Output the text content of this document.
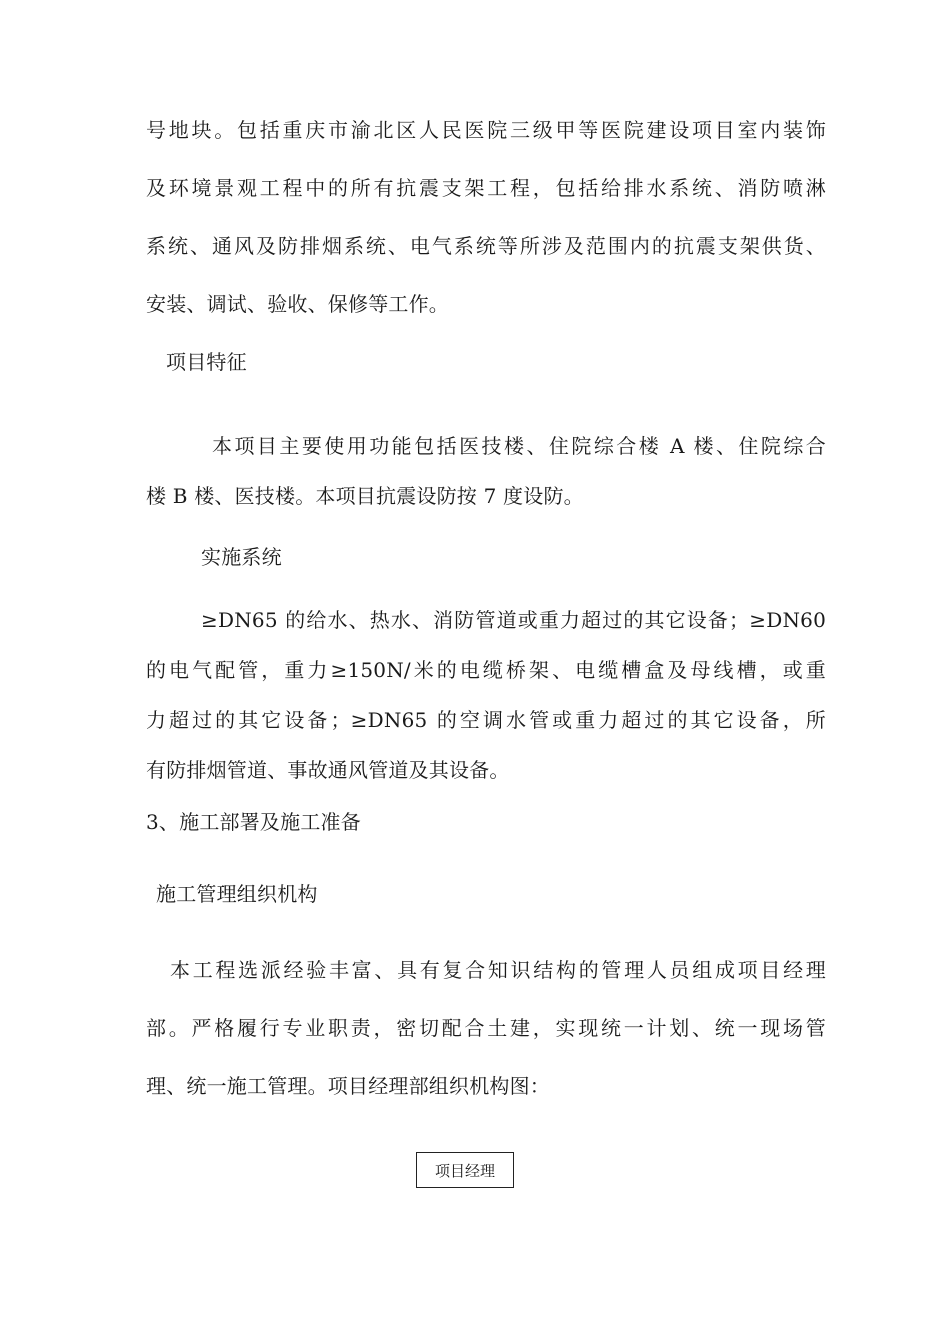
号地块。包括重庆市渝北区人民医院三级甲等医院建设项目室内装饰
及环境景观工程中的所有抗震支架工程，包括给排水系统、消防喷淋
系统、通风及防排烟系统、电气系统等所涉及范围内的抗震支架供货、
安装、调试、验收、保修等工作。
项目特征
本项目主要使用功能包括医技楼、住院综合楼 A 楼、住院综合
楼 B 楼、医技楼。本项目抗震设防按 7 度设防。
实施系统
≥DN65 的给水、热水、消防管道或重力超过的其它设备；≥DN60
的电气配管，重力≥150N/米的电缆桥架、电缆槽盒及母线槽，或重
力超过的其它设备；≥DN65 的空调水管或重力超过的其它设备，所
有防排烟管道、事故通风管道及其设备。
3、施工部署及施工准备
施工管理组织机构
本工程选派经验丰富、具有复合知识结构的管理人员组成项目经理
部。严格履行专业职责，密切配合土建，实现统一计划、统一现场管
理、统一施工管理。项目经理部组织机构图：
项目经理
